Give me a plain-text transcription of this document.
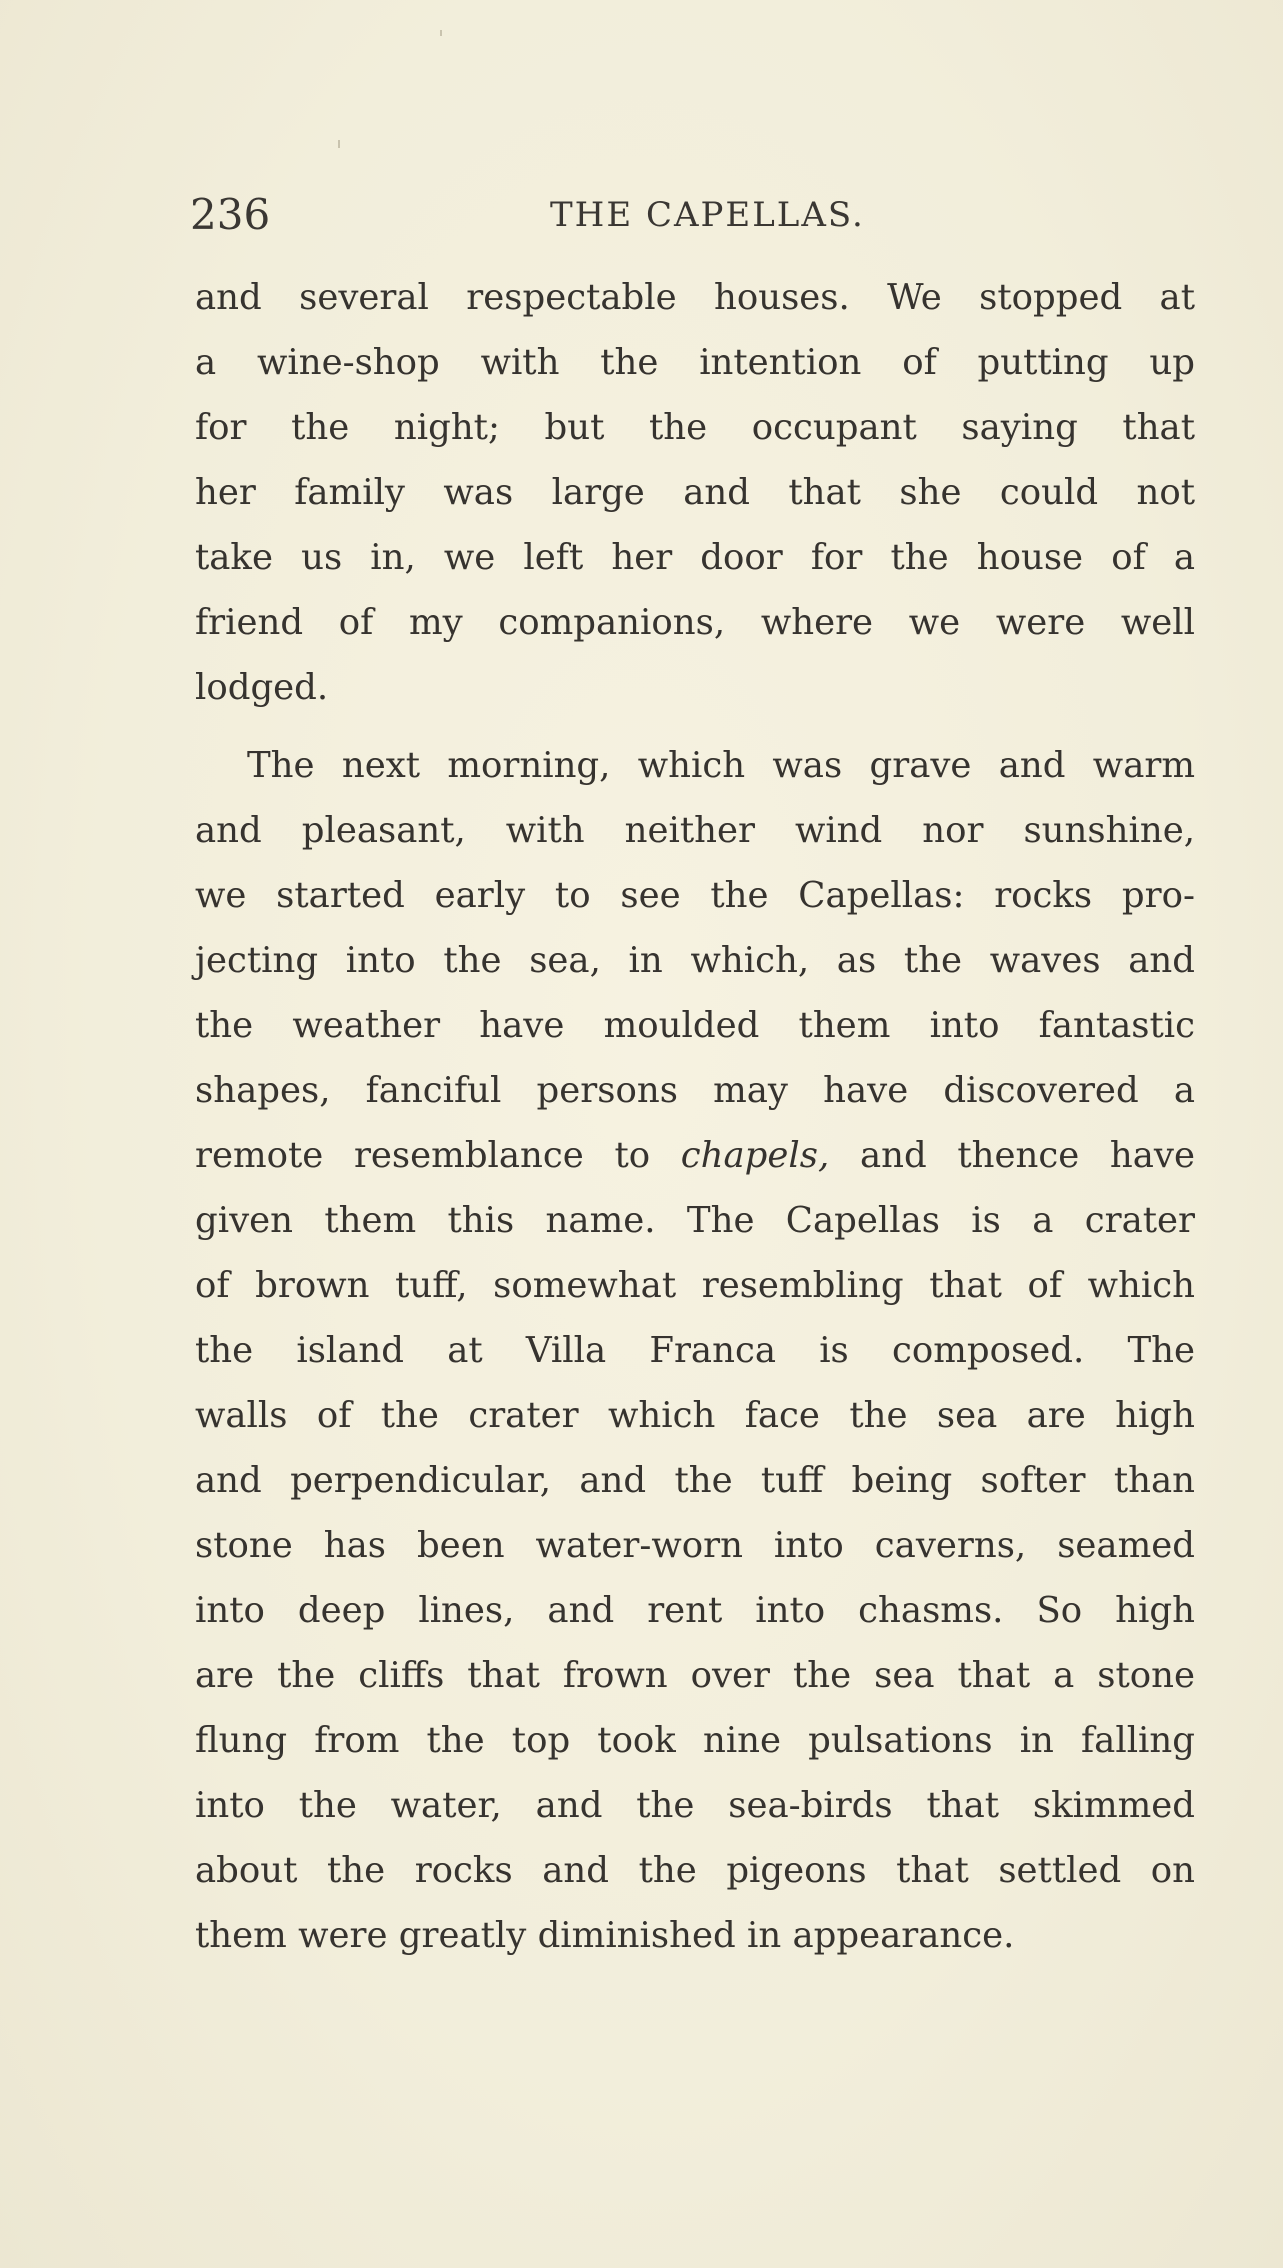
236	THE CAPELLAS.
and several respectable houses. We stopped at
a wine-shop with the intention of putting up
for the night; but the occupant saying that
her family was large and that she could not
take us in, we left her door for the house of a
friend of my companions, where we were well
lodged.
The next morning, which was grave and warm
and pleasant, with neither wind nor sunshine,
we started early to see the Capellas: rocks pro-
jecting into the sea, in which, as the waves and
the weather have moulded them into fantastic
shapes, fanciful persons may have discovered a
remote resemblance to chapels, and thence have
given them this name. The Capellas is a crater
of brown tuff, somewhat resembling that of which
the island at Villa Franca is composed. The
walls of the crater which face the sea are high
and perpendicular, and the tuff being softer than
stone has been water-worn into caverns, seamed
into deep lines, and rent into chasms. So high
are the cliffs that frown over the sea that a stone
flung from the top took nine pulsations in falling
into the water, and the sea-birds that skimmed
about the rocks and the pigeons that settled on
them were greatly diminished in appearance.
